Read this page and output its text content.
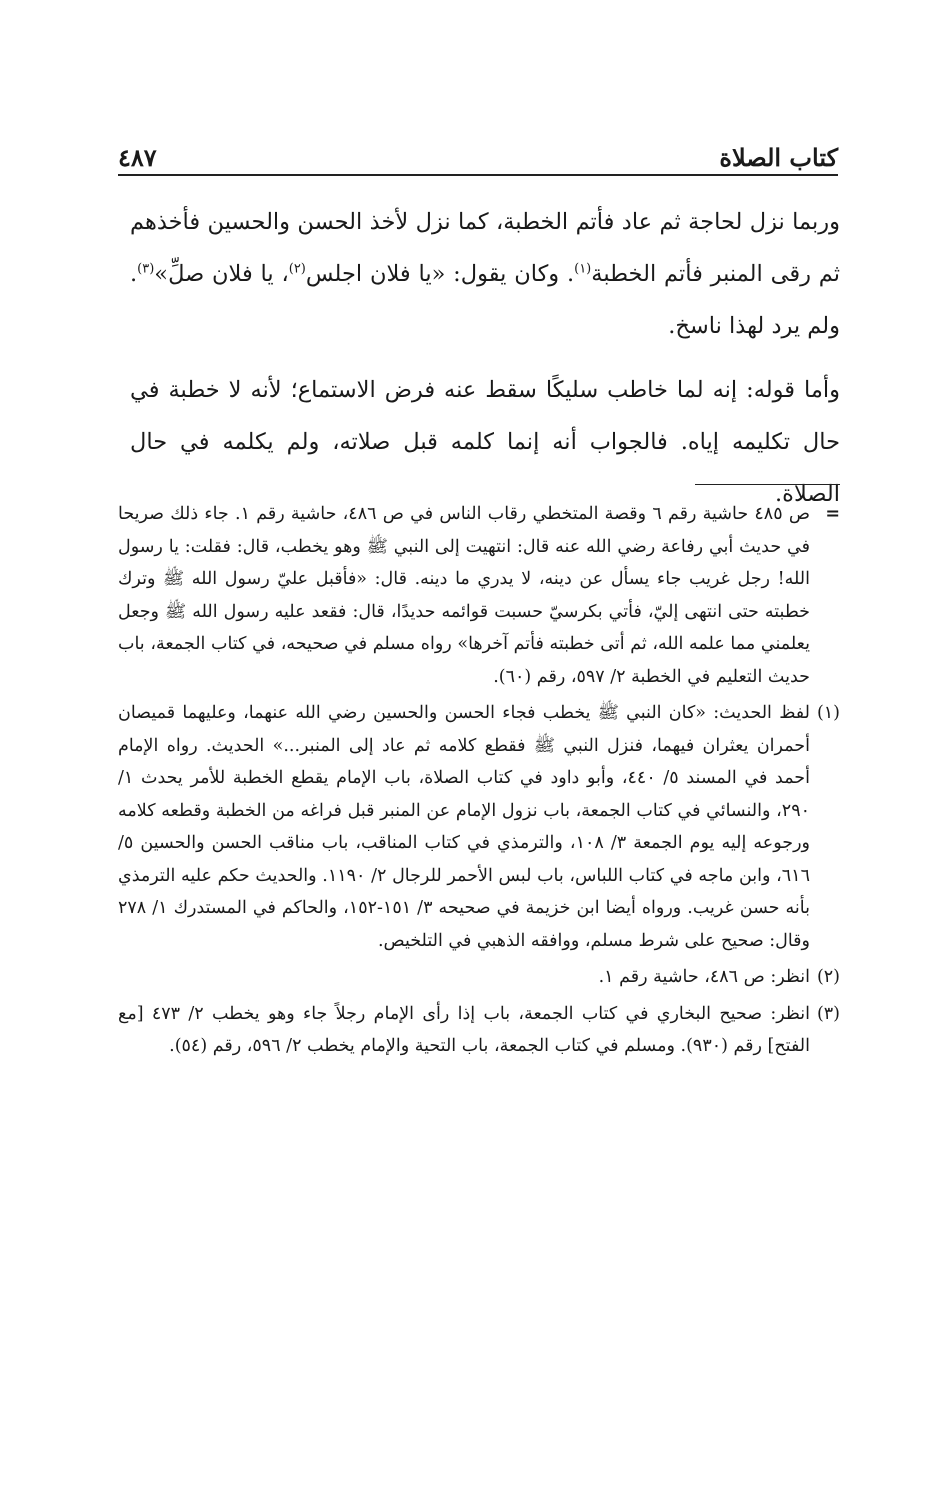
كتاب الصلاة
٤٨٧

وربما نزل لحاجة ثم عاد فأتم الخطبة، كما نزل لأخذ الحسن والحسين فأخذهم ثم رقى المنبر فأتم الخطبة$^{(١)}$. وكان يقول: «يا فلان اجلس$^{(٢)}$، يا فلان صلِّ»$^{(٣)}$. ولم يرد لهذا ناسخ.

وأما قوله: إنه لما خاطب سليكًا سقط عنه فرض الاستماع؛ لأنه لا خطبة في حال تكليمه إياه. فالجواب أنه إنما كلمه قبل صلاته، ولم يكلمه في حال الصلاة.

=
ص ٤٨٥ حاشية رقم ٦ وقصة المتخطي رقاب الناس في ص ٤٨٦، حاشية رقم ١. جاء ذلك صريحا في حديث أبي رفاعة رضي الله عنه قال: انتهيت إلى النبي ﷺ وهو يخطب، قال: فقلت: يا رسول الله! رجل غريب جاء يسأل عن دينه، لا يدري ما دينه. قال: «فأقبل عليّ رسول الله ﷺ وترك خطبته حتى انتهى إليّ، فأتي بكرسيّ حسبت قوائمه حديدًا، قال: فقعد عليه رسول الله ﷺ وجعل يعلمني مما علمه الله، ثم أتى خطبته فأتم آخرها» رواه مسلم في صحيحه، في كتاب الجمعة، باب حديث التعليم في الخطبة ٢/ ٥٩٧، رقم (٦٠).
(١)
لفظ الحديث: «كان النبي ﷺ يخطب فجاء الحسن والحسين رضي الله عنهما، وعليهما قميصان أحمران يعثران فيهما، فنزل النبي ﷺ فقطع كلامه ثم عاد إلى المنبر...» الحديث. رواه الإمام أحمد في المسند ٥/ ٤٤٠، وأبو داود في كتاب الصلاة، باب الإمام يقطع الخطبة للأمر يحدث ١/ ٢٩٠، والنسائي في كتاب الجمعة، باب نزول الإمام عن المنبر قبل فراغه من الخطبة وقطعه كلامه ورجوعه إليه يوم الجمعة ٣/ ١٠٨، والترمذي في كتاب المناقب، باب مناقب الحسن والحسين ٥/ ٦١٦، وابن ماجه في كتاب اللباس، باب لبس الأحمر للرجال ٢/ ١١٩٠. والحديث حكم عليه الترمذي بأنه حسن غريب. ورواه أيضا ابن خزيمة في صحيحه ٣/ ١٥١-١٥٢، والحاكم في المستدرك ١/ ٢٧٨ وقال: صحيح على شرط مسلم، ووافقه الذهبي في التلخيص.
(٢)
انظر: ص ٤٨٦، حاشية رقم ١.
(٣)
انظر: صحيح البخاري في كتاب الجمعة، باب إذا رأى الإمام رجلاً جاء وهو يخطب ٢/ ٤٧٣ [مع الفتح] رقم (٩٣٠). ومسلم في كتاب الجمعة، باب التحية والإمام يخطب ٢/ ٥٩٦، رقم (٥٤).
